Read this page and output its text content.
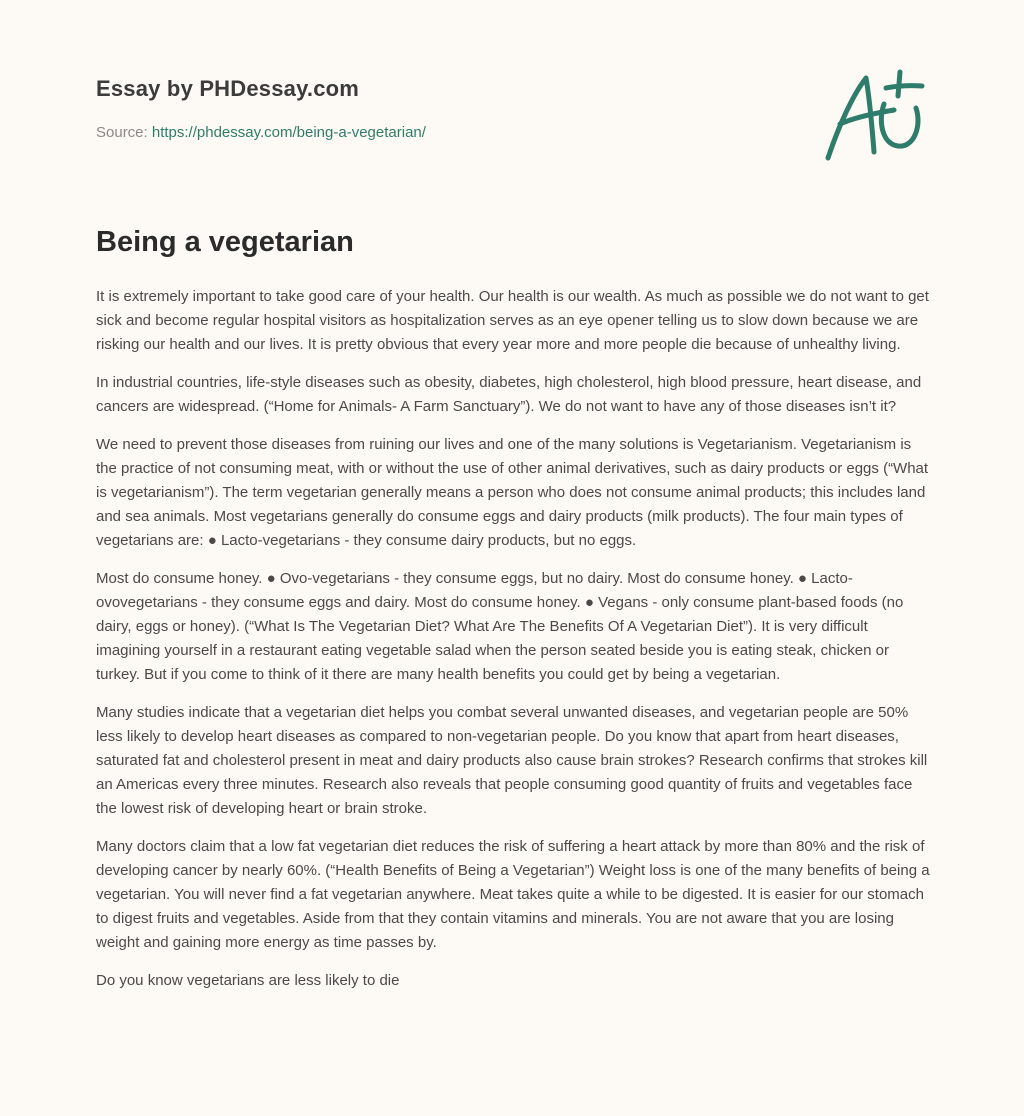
Essay by PHDessay.com

Source: https://phdessay.com/being-a-vegetarian/

Being a vegetarian

It is extremely important to take good care of your health. Our health is our wealth. As much as possible we do not want to get sick and become regular hospital visitors as hospitalization serves as an eye opener telling us to slow down because we are risking our health and our lives. It is pretty obvious that every year more and more people die because of unhealthy living.

In industrial countries, life-style diseases such as obesity, diabetes, high cholesterol, high blood pressure, heart disease, and cancers are widespread. (“Home for Animals- A Farm Sanctuary”). We do not want to have any of those diseases isn’t it?

We need to prevent those diseases from ruining our lives and one of the many solutions is Vegetarianism. Vegetarianism is the practice of not consuming meat, with or without the use of other animal derivatives, such as dairy products or eggs (“What is vegetarianism”). The term vegetarian generally means a person who does not consume animal products; this includes land and sea animals. Most vegetarians generally do consume eggs and dairy products (milk products). The four main types of vegetarians are: ● Lacto-vegetarians - they consume dairy products, but no eggs.

Most do consume honey. ● Ovo-vegetarians - they consume eggs, but no dairy. Most do consume honey. ● Lacto-ovovegetarians - they consume eggs and dairy. Most do consume honey. ● Vegans - only consume plant-based foods (no dairy, eggs or honey). (“What Is The Vegetarian Diet? What Are The Benefits Of A Vegetarian Diet”). It is very difficult imagining yourself in a restaurant eating vegetable salad when the person seated beside you is eating steak, chicken or turkey. But if you come to think of it there are many health benefits you could get by being a vegetarian.

Many studies indicate that a vegetarian diet helps you combat several unwanted diseases, and vegetarian people are 50% less likely to develop heart diseases as compared to non-vegetarian people. Do you know that apart from heart diseases, saturated fat and cholesterol present in meat and dairy products also cause brain strokes? Research confirms that strokes kill an Americas every three minutes. Research also reveals that people consuming good quantity of fruits and vegetables face the lowest risk of developing heart or brain stroke.

Many doctors claim that a low fat vegetarian diet reduces the risk of suffering a heart attack by more than 80% and the risk of developing cancer by nearly 60%. (“Health Benefits of Being a Vegetarian”) Weight loss is one of the many benefits of being a vegetarian. You will never find a fat vegetarian anywhere. Meat takes quite a while to be digested. It is easier for our stomach to digest fruits and vegetables. Aside from that they contain vitamins and minerals. You are not aware that you are losing weight and gaining more energy as time passes by.

Do you know vegetarians are less likely to die
